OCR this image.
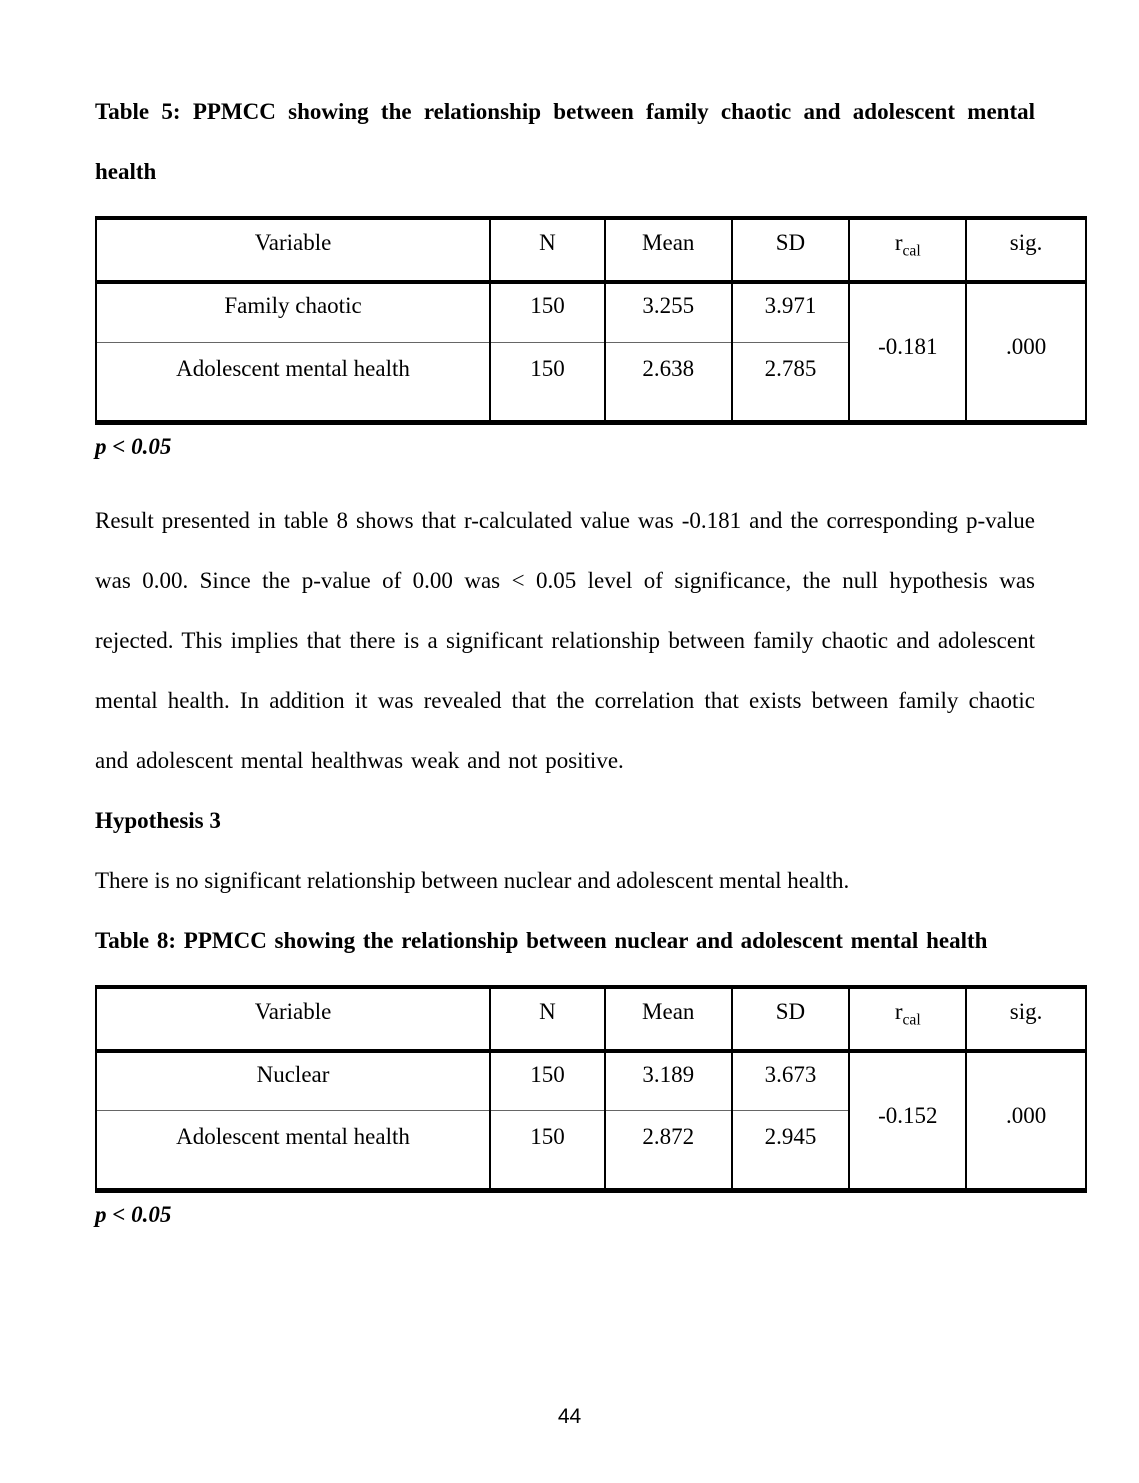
Table 5: PPMCC showing the relationship between family chaotic and adolescent mental health

Variable	N	Mean	SD	$r_{cal}$	sig.
Family chaotic	150	3.255	3.971	-0.181	.000
Adolescent mental health	150	2.638	2.785		

p < 0.05

Result presented in table 8 shows that r-calculated value was -0.181 and the corresponding p-value was 0.00. Since the p-value of 0.00 was < 0.05 level of significance, the null hypothesis was rejected. This implies that there is a significant relationship between family chaotic and adolescent mental health. In addition it was revealed that the correlation that exists between family chaotic and adolescent mental healthwas weak and not positive.

Hypothesis 3

There is no significant relationship between nuclear and adolescent mental health.

Table 8: PPMCC showing the relationship between nuclear and adolescent mental health

Variable	N	Mean	SD	$r_{cal}$	sig.
Nuclear	150	3.189	3.673	-0.152	.000
Adolescent mental health	150	2.872	2.945		

p < 0.05

44
